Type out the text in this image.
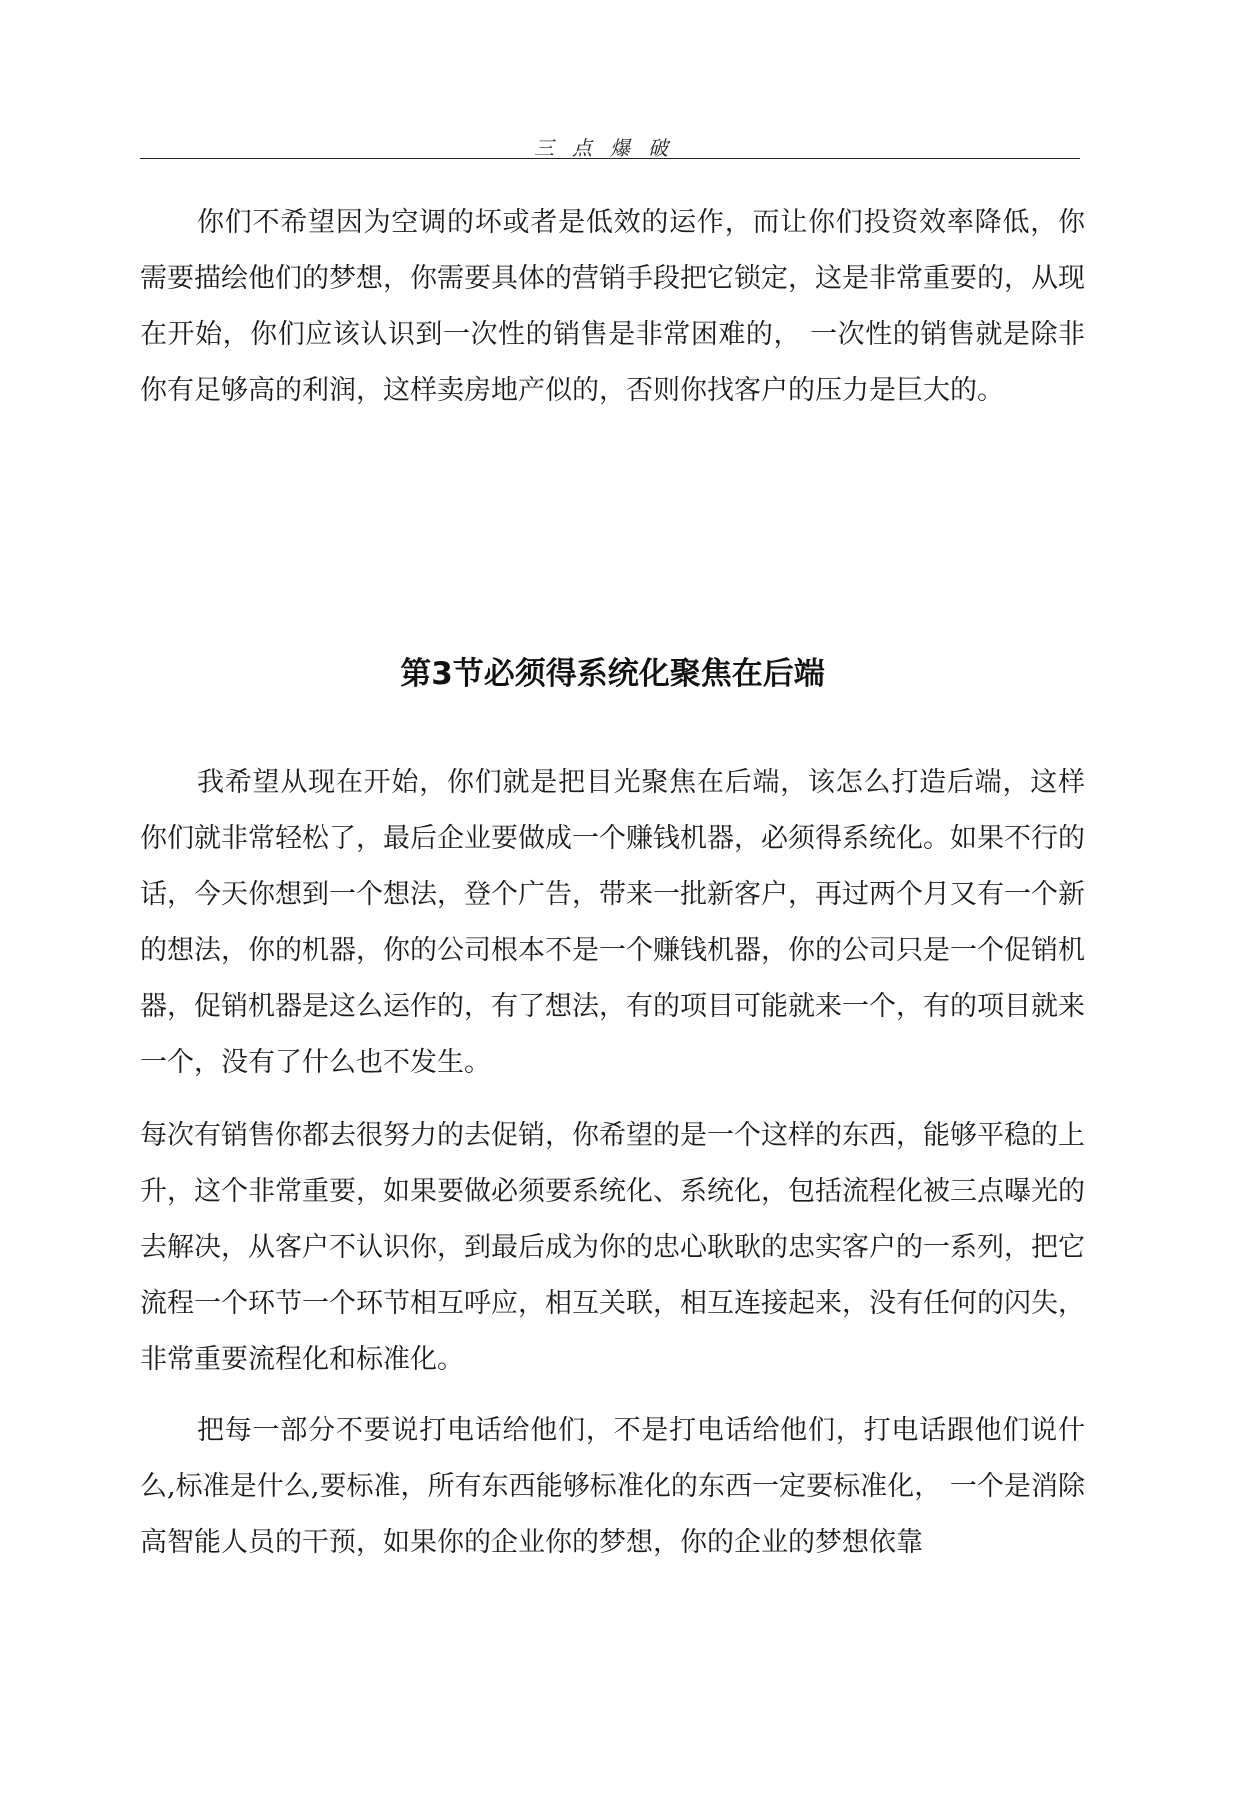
三点爆破

你们不希望因为空调的坏或者是低效的运作，而让你们投资效率降低，你需要描绘他们的梦想，你需要具体的营销手段把它锁定，这是非常重要的，从现在开始，你们应该认识到一次性的销售是非常困难的， 一次性的销售就是除非你有足够高的利润，这样卖房地产似的，否则你找客户的压力是巨大的。

第3节必须得系统化聚焦在后端

我希望从现在开始，你们就是把目光聚焦在后端，该怎么打造后端，这样你们就非常轻松了，最后企业要做成一个赚钱机器，必须得系统化。如果不行的话，今天你想到一个想法，登个广告，带来一批新客户，再过两个月又有一个新的想法，你的机器，你的公司根本不是一个赚钱机器，你的公司只是一个促销机器，促销机器是这么运作的，有了想法，有的项目可能就来一个，有的项目就来一个，没有了什么也不发生。

每次有销售你都去很努力的去促销，你希望的是一个这样的东西，能够平稳的上升，这个非常重要，如果要做必须要系统化、系统化，包括流程化被三点曝光的去解决，从客户不认识你，到最后成为你的忠心耿耿的忠实客户的一系列，把它流程一个环节一个环节相互呼应，相互关联，相互连接起来，没有任何的闪失，非常重要流程化和标准化。

把每一部分不要说打电话给他们，不是打电话给他们，打电话跟他们说什么,标准是什么,要标准，所有东西能够标准化的东西一定要标准化， 一个是消除高智能人员的干预，如果你的企业你的梦想，你的企业的梦想依靠
